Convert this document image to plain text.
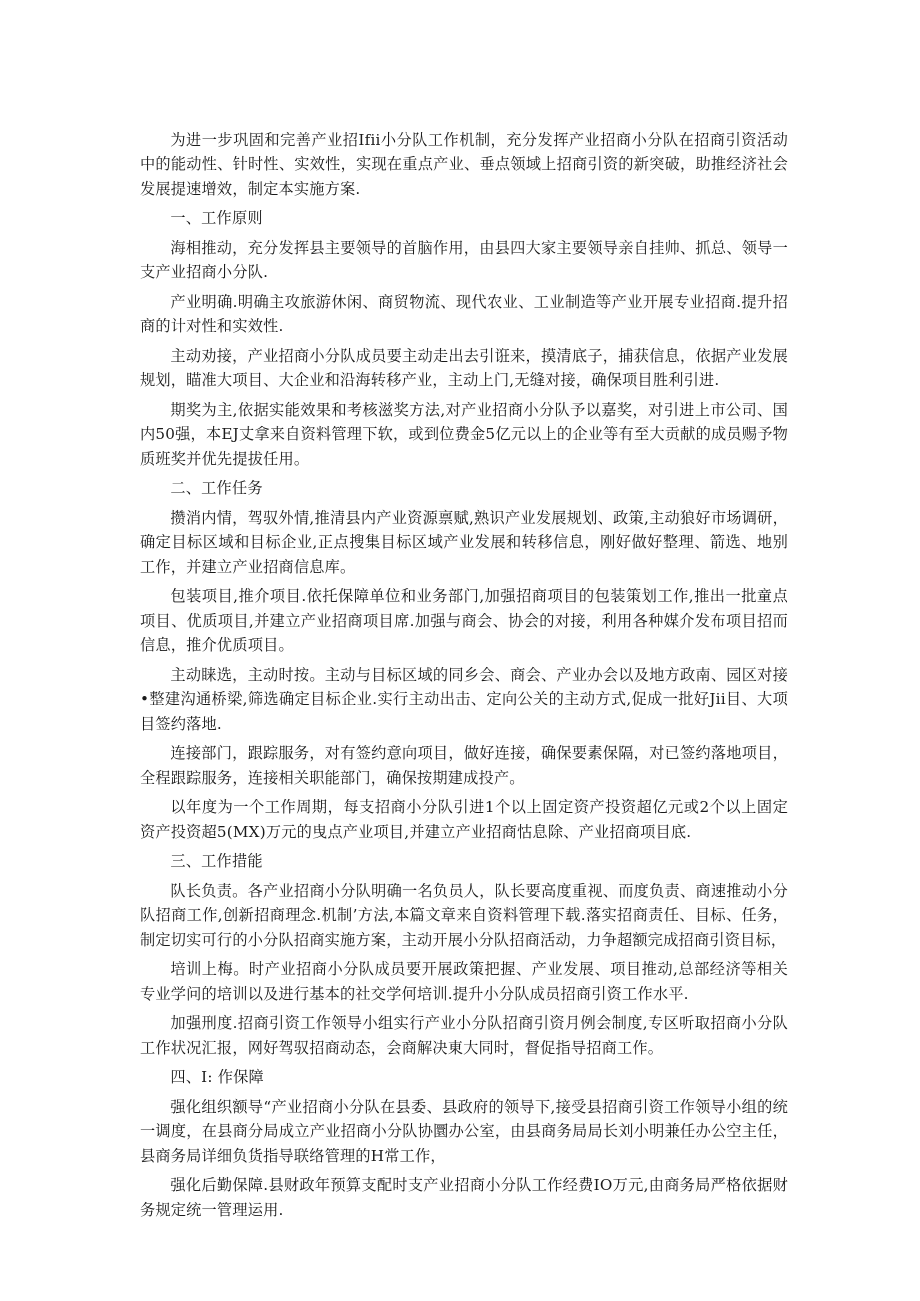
为进一步巩固和完善产业招Ifii小分队工作机制，充分发挥产业招商小分队在招商引资活动中的能动性、针时性、实效性，实现在重点产业、垂点领域上招商引资的新突破，助推经济社会发展提速增效，制定本实施方案.

一、工作原则

海相推动，充分发挥县主要领导的首脑作用，由县四大家主要领导亲自挂帅、抓总、领导一支产业招商小分队.

产业明确.明确主攻旅游休闲、商贸物流、现代农业、工业制造等产业开展专业招商.提升招商的计对性和实效性.

主动劝接，产业招商小分队成员要主动走出去引诳来，摸清底子，捕获信息，依据产业发展规划，瞄准大项目、大企业和沿海转移产业，主动上门,无缝对接，确保项目胜利引进.

期奖为主,依据实能效果和考核滋奖方法,对产业招商小分队予以嘉奖，对引进上市公司、国内50强，本EJ丈拿来自资料管理下软，或到位费金5亿元以上的企业等有至大贡献的成员赐予物质班奖并优先提拔任用。

二、工作任务

攒消内情，驾驭外情,推清县内产业资源禀赋,熟识产业发展规划、政策,主动狼好市场调研，确定目标区域和目标企业,正点搜集目标区域产业发展和转移信息，刚好做好整理、箭选、地别工作，并建立产业招商信息库。

包装项目,推介项目.依托保障单位和业务部门,加强招商项目的包装策划工作,推出一批童点项目、优质项目,并建立产业招商项目席.加强与商会、协会的对接，利用各种媒介发布项目招而信息，推介优质项目。

主动睐选，主动时按。主动与目标区域的同乡会、商会、产业办会以及地方政南、园区对接•整建沟通桥梁,筛选确定目标企业.实行主动出击、定向公关的主动方式,促成一批好Jii目、大项目签约落地.

连接部门，跟踪服务，对有签约意向项目，做好连接，确保要素保隔，对已签约落地项目，全程跟踪服务，连接相关职能部门，确保按期建成投产。

以年度为一个工作周期，每支招商小分队引进1个以上固定资产投资超亿元或2个以上固定资产投资超5(MX)万元的曳点产业项目,并建立产业招商怙息除、产业招商项目底.

三、工作措能

队长负责。各产业招商小分队明确一名负员人，队长要高度重视、而度负责、商速推动小分队招商工作,创新招商理念.机制’方法,本篇文章来自资料管理下载.落实招商责任、目标、任务，制定切实可行的小分队招商实施方案，主动开展小分队招商活动，力争超额完成招商引资目标，

培训上梅。时产业招商小分队成员要开展政策把握、产业发展、项目推动,总部经济等相关专业学问的培训以及进行基本的社交学何培训.提升小分队成员招商引资工作水平.

加强刑度.招商引资工作领导小组实行产业小分队招商引资月例会制度,专区听取招商小分队工作状况汇报，网好驾驭招商动态，会商解决東大同时，督促指导招商工作。

四、I: 作保障

强化组织额导“产业招商小分队在县委、县政府的领导下,接受县招商引资工作领导小组的统一调度，在县商分局成立产业招商小分队协圜办公室，由县商务局局长刘小明兼任办公空主任，县商务局详细负货指导联络管理的H常工作，

强化后勤保障.县财政年预算支配时支产业招商小分队工作经费IO万元,由商务局严格依据财务规定统一管理运用.
